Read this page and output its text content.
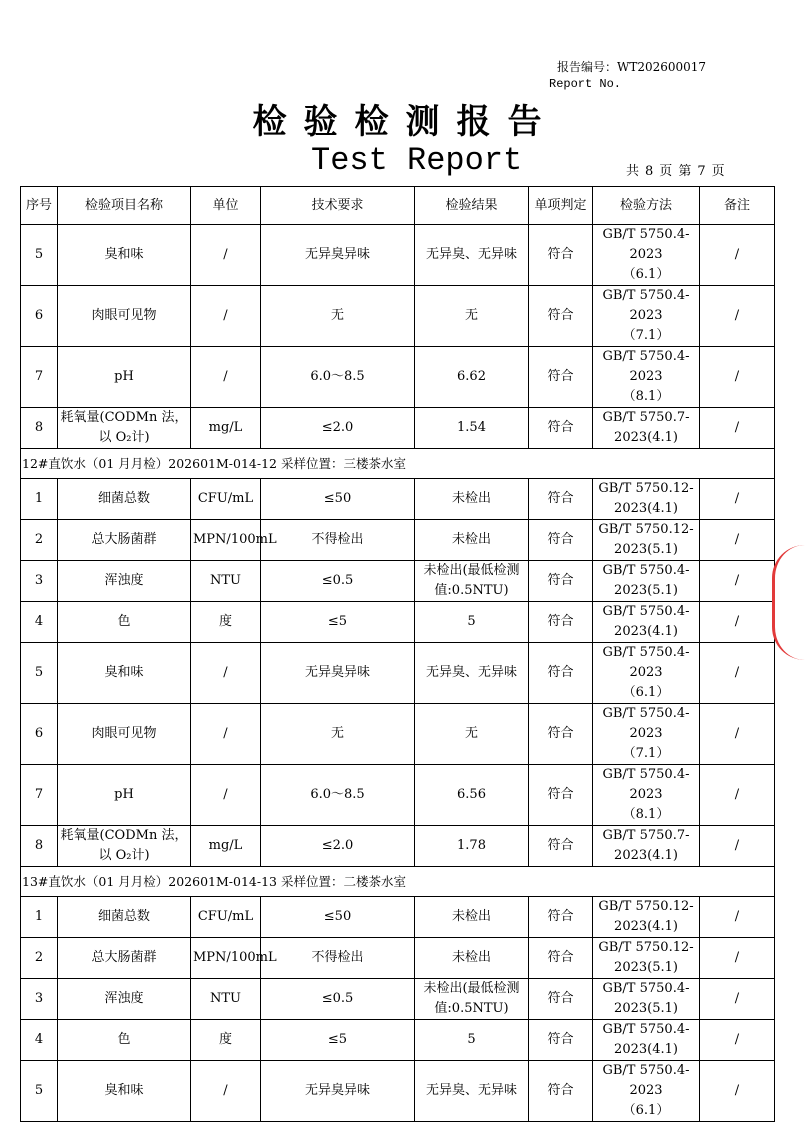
报告编号：WT202600017
Report No.
检验检测报告
Test Report	共 8 页 第 7 页
序号	检验项目名称	单位	技术要求	检验结果	单项判定	检验方法	备注
5	臭和味	/	无异臭异味	无异臭、无异味	符合	GB/T 5750.4-2023
（6.1）	/
6	肉眼可见物	/	无	无	符合	GB/T 5750.4-2023
（7.1）	/
7	pH	/	6.0～8.5	6.62	符合	GB/T 5750.4-2023
（8.1）	/
8	耗氧量(CODMn 法，
以 O₂计)	mg/L	≤2.0	1.54	符合	GB/T 5750.7-
2023(4.1)	/
12#直饮水（01 月月检）202601M-014-12 采样位置：三楼茶水室							
1	细菌总数	CFU/mL	≤50	未检出	符合	GB/T 5750.12-
2023(4.1)	/
2	总大肠菌群	MPN/100mL	不得检出	未检出	符合	GB/T 5750.12-
2023(5.1)	/
3	浑浊度	NTU	≤0.5	未检出(最低检测
值:0.5NTU)	符合	GB/T 5750.4-
2023(5.1)	/
4	色	度	≤5	5	符合	GB/T 5750.4-
2023(4.1)	/
5	臭和味	/	无异臭异味	无异臭、无异味	符合	GB/T 5750.4-2023
（6.1）	/
6	肉眼可见物	/	无	无	符合	GB/T 5750.4-2023
（7.1）	/
7	pH	/	6.0～8.5	6.56	符合	GB/T 5750.4-2023
（8.1）	/
8	耗氧量(CODMn 法，
以 O₂计)	mg/L	≤2.0	1.78	符合	GB/T 5750.7-
2023(4.1)	/
13#直饮水（01 月月检）202601M-014-13 采样位置：二楼茶水室							
1	细菌总数	CFU/mL	≤50	未检出	符合	GB/T 5750.12-
2023(4.1)	/
2	总大肠菌群	MPN/100mL	不得检出	未检出	符合	GB/T 5750.12-
2023(5.1)	/
3	浑浊度	NTU	≤0.5	未检出(最低检测
值:0.5NTU)	符合	GB/T 5750.4-
2023(5.1)	/
4	色	度	≤5	5	符合	GB/T 5750.4-
2023(4.1)	/
5	臭和味	/	无异臭异味	无异臭、无异味	符合	GB/T 5750.4-2023
（6.1）	/
